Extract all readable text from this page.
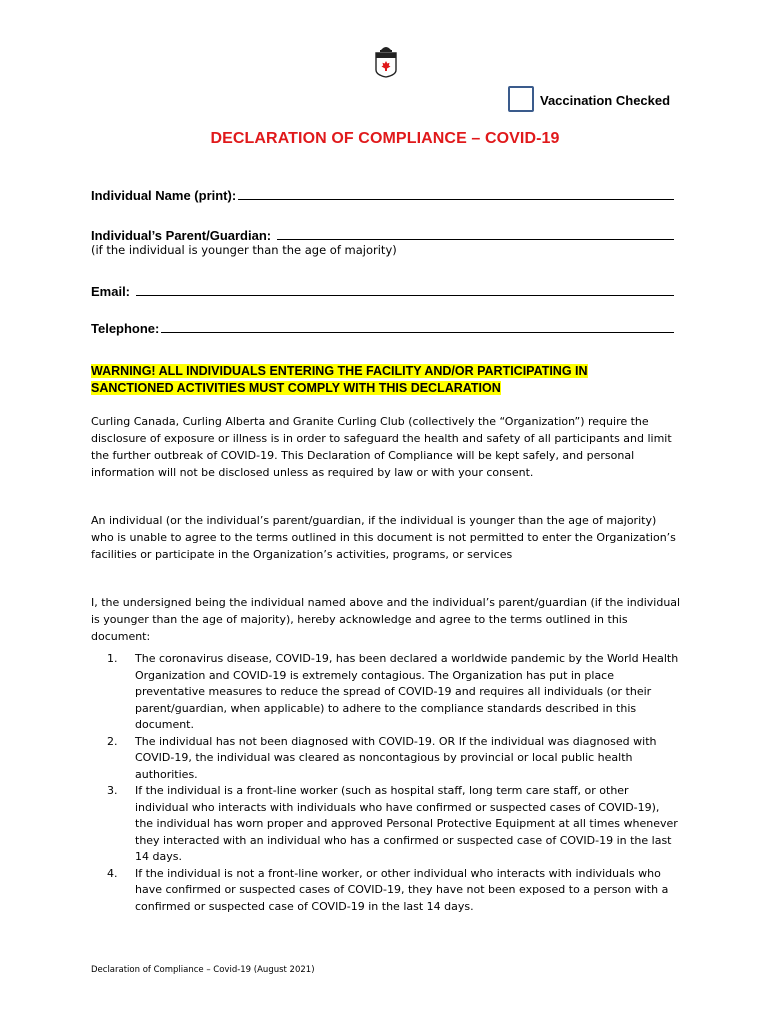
Vaccination Checked
DECLARATION OF COMPLIANCE – COVID-19
Individual Name (print):
Individual’s Parent/Guardian:
(if the individual is younger than the age of majority)
Email:
Telephone:
WARNING! ALL INDIVIDUALS ENTERING THE FACILITY AND/OR PARTICIPATING IN
SANCTIONED ACTIVITIES MUST COMPLY WITH THIS DECLARATION
Curling Canada, Curling Alberta and Granite Curling Club (collectively the “Organization”) require the disclosure of exposure or illness is in order to safeguard the health and safety of all participants and limit the further outbreak of COVID-19. This Declaration of Compliance will be kept safely, and personal information will not be disclosed unless as required by law or with your consent.
An individual (or the individual’s parent/guardian, if the individual is younger than the age of majority) who is unable to agree to the terms outlined in this document is not permitted to enter the Organization’s facilities or participate in the Organization’s activities, programs, or services
I, the undersigned being the individual named above and the individual’s parent/guardian (if the individual is younger than the age of majority), hereby acknowledge and agree to the terms outlined in this document:
1. The coronavirus disease, COVID-19, has been declared a worldwide pandemic by the World Health Organization and COVID-19 is extremely contagious. The Organization has put in place preventative measures to reduce the spread of COVID-19 and requires all individuals (or their parent/guardian, when applicable) to adhere to the compliance standards described in this document.
2. The individual has not been diagnosed with COVID-19. OR If the individual was diagnosed with COVID-19, the individual was cleared as noncontagious by provincial or local public health authorities.
3. If the individual is a front-line worker (such as hospital staff, long term care staff, or other individual who interacts with individuals who have confirmed or suspected cases of COVID-19), the individual has worn proper and approved Personal Protective Equipment at all times whenever they interacted with an individual who has a confirmed or suspected case of COVID-19 in the last 14 days.
4. If the individual is not a front-line worker, or other individual who interacts with individuals who have confirmed or suspected cases of COVID-19, they have not been exposed to a person with a confirmed or suspected case of COVID-19 in the last 14 days.
Declaration of Compliance – Covid-19 (August 2021)
